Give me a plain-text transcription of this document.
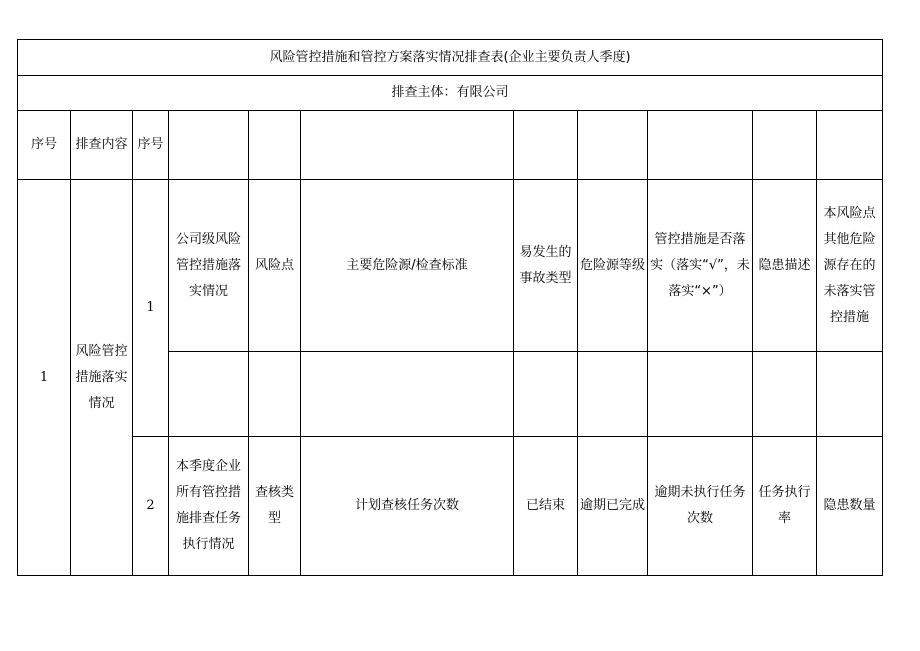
风险管控措施和管控方案落实情况排查表(企业主要负责人季度)										
排查主体：有限公司										
序号	排查内容	序号								
1	风险管控措施落实情况	1	公司级风险管控措施落实情况	风险点	主要危险源/检查标准	易发生的事故类型	危险源等级	管控措施是否落实（落实“√”，未落实“×”）	隐患描述	本风险点其他危险源存在的未落实管控措施

		2	本季度企业所有管控措施排查任务执行情况	查核类型	计划查核任务次数	已结束	逾期已完成	逾期未执行任务次数	任务执行率	隐患数量
